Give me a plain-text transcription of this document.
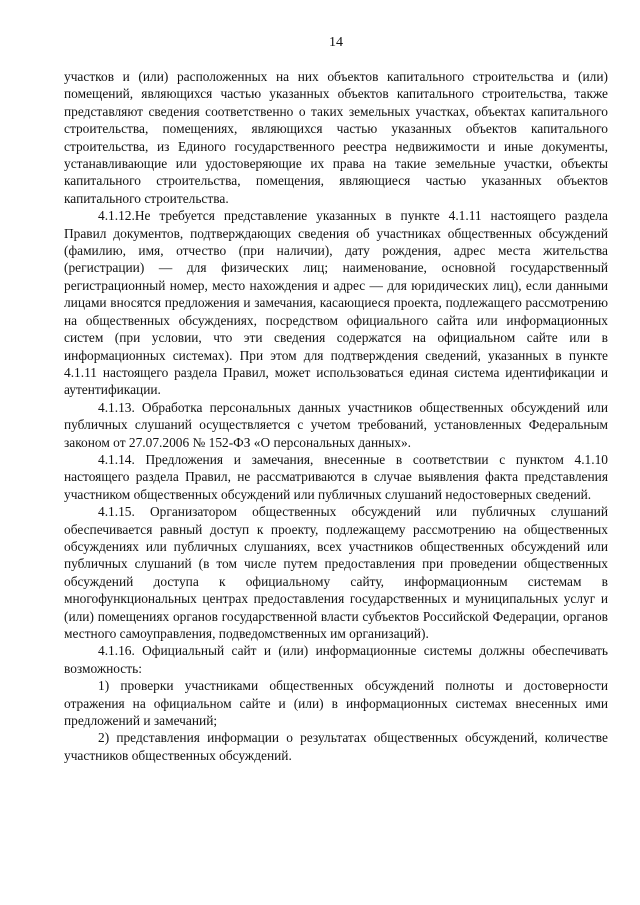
14

участков и (или) расположенных на них объектов капитального строительства и (или) помещений, являющихся частью указанных объектов капитального строительства, также представляют сведения соответственно о таких земельных участках, объектах капитального строительства, помещениях, являющихся частью указанных объектов капитального строительства, из Единого государственного реестра недвижимости и иные документы, устанавливающие или удостоверяющие их права на такие земельные участки, объекты капитального строительства, помещения, являющиеся частью указанных объектов капитального строительства.

4.1.12.Не требуется представление указанных в пункте 4.1.11 настоящего раздела Правил документов, подтверждающих сведения об участниках общественных обсуждений (фамилию, имя, отчество (при наличии), дату рождения, адрес места жительства (регистрации) — для физических лиц; наименование, основной государственный регистрационный номер, место нахождения и адрес — для юридических лиц), если данными лицами вносятся предложения и замечания, касающиеся проекта, подлежащего рассмотрению на общественных обсуждениях, посредством официального сайта или информационных систем (при условии, что эти сведения содержатся на официальном сайте или в информационных системах). При этом для подтверждения сведений, указанных в пункте 4.1.11 настоящего раздела Правил, может использоваться единая система идентификации и аутентификации.

4.1.13. Обработка персональных данных участников общественных обсуждений или публичных слушаний осуществляется с учетом требований, установленных Федеральным законом от 27.07.2006 № 152-ФЗ «О персональных данных».

4.1.14. Предложения и замечания, внесенные в соответствии с пунктом 4.1.10 настоящего раздела Правил, не рассматриваются в случае выявления факта представления участником общественных обсуждений или публичных слушаний недостоверных сведений.

4.1.15. Организатором общественных обсуждений или публичных слушаний обеспечивается равный доступ к проекту, подлежащему рассмотрению на общественных обсуждениях или публичных слушаниях, всех участников общественных обсуждений или публичных слушаний (в том числе путем предоставления при проведении общественных обсуждений доступа к официальному сайту, информационным системам в многофункциональных центрах предоставления государственных и муниципальных услуг и (или) помещениях органов государственной власти субъектов Российской Федерации, органов местного самоуправления, подведомственных им организаций).

4.1.16. Официальный сайт и (или) информационные системы должны обеспечивать возможность:

1) проверки участниками общественных обсуждений полноты и достоверности отражения на официальном сайте и (или) в информационных системах внесенных ими предложений и замечаний;

2) представления информации о результатах общественных обсуждений, количестве участников общественных обсуждений.
